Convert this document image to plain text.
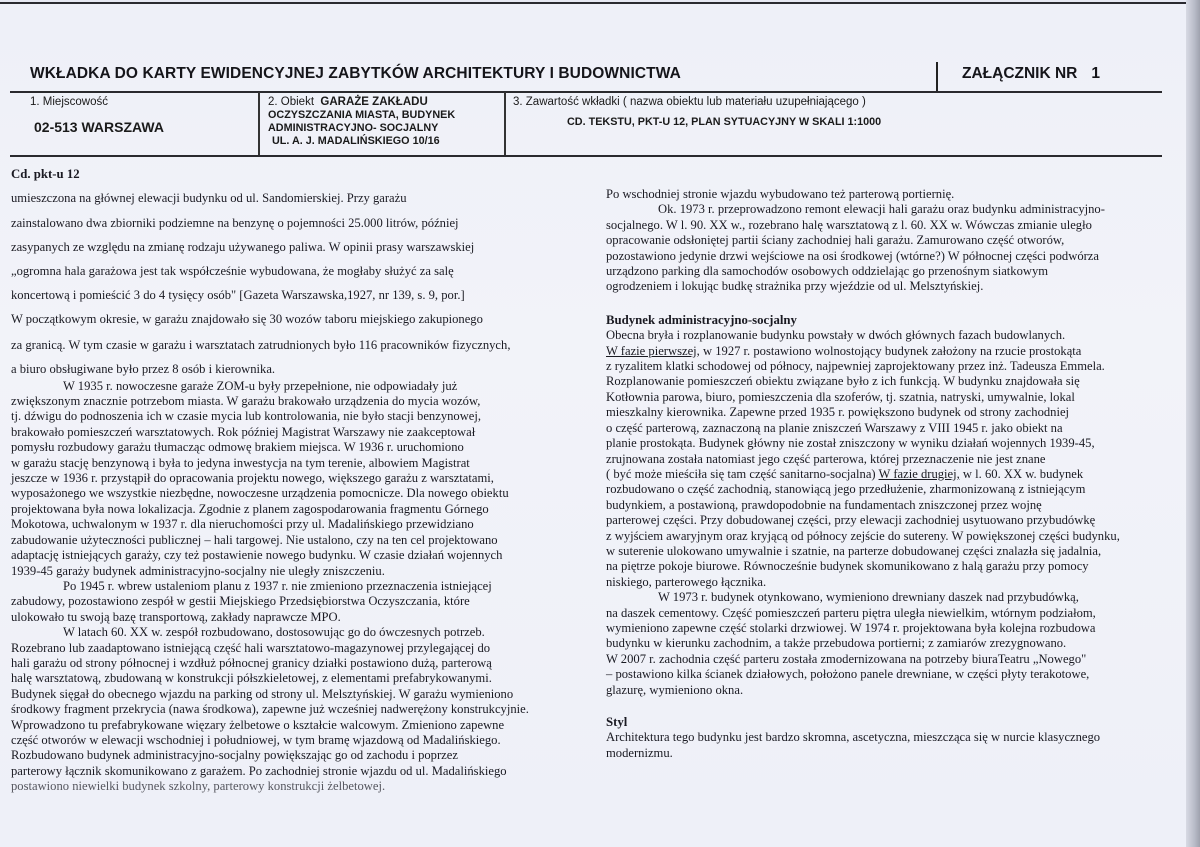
WKŁADKA DO KARTY EWIDENCYJNEJ ZABYTKÓW ARCHITEKTURY I BUDOWNICTWA	ZAŁĄCZNIK NR 1
1. Miejscowość
02-513 WARSZAWA
2. Obiekt GARAŻE ZAKŁADU
OCZYSZCZANIA MIASTA, BUDYNEK
ADMINISTRACYJNO- SOCJALNY
UL. A. J. MADALIŃSKIEGO 10/16
3. Zawartość wkładki ( nazwa obiektu lub materiału uzupełniającego )
CD. TEKSTU, PKT-U 12, PLAN SYTUACYJNY W SKALI 1:1000

Cd. pkt-u 12

umieszczona na głównej elewacji budynku od ul. Sandomierskiej. Przy garażu

zainstalowano dwa zbiorniki podziemne na benzynę o pojemności 25.000 litrów, później

zasypanych ze względu na zmianę rodzaju używanego paliwa. W opinii prasy warszawskiej

„ogromna hala garażowa jest tak współcześnie wybudowana, że mogłaby służyć za salę

koncertową i pomieścić 3 do 4 tysięcy osób" [Gazeta Warszawska,1927, nr 139, s. 9, por.]

W początkowym okresie, w garażu znajdowało się 30 wozów taboru miejskiego zakupionego

za granicą. W tym czasie w garażu i warsztatach zatrudnionych było 116 pracowników fizycznych,

a biuro obsługiwane było przez 8 osób i kierownika.

W 1935 r. nowoczesne garaże ZOM-u były przepełnione, nie odpowiadały już

zwiększonym znacznie potrzebom miasta. W garażu brakowało urządzenia do mycia wozów,

tj. dźwigu do podnoszenia ich w czasie mycia lub kontrolowania, nie było stacji benzynowej,

brakowało pomieszczeń warsztatowych. Rok później Magistrat Warszawy nie zaakceptował

pomysłu rozbudowy garażu tłumacząc odmowę brakiem miejsca. W 1936 r. uruchomiono

w garażu stację benzynową i była to jedyna inwestycja na tym terenie, albowiem Magistrat

jeszcze w 1936 r. przystąpił do opracowania projektu nowego, większego garażu z warsztatami,

wyposażonego we wszystkie niezbędne, nowoczesne urządzenia pomocnicze. Dla nowego obiektu

projektowana była nowa lokalizacja. Zgodnie z planem zagospodarowania fragmentu Górnego

Mokotowa, uchwalonym w 1937 r. dla nieruchomości przy ul. Madalińskiego przewidziano

zabudowanie użyteczności publicznej – hali targowej. Nie ustalono, czy na ten cel projektowano

adaptację istniejących garaży, czy też postawienie nowego budynku. W czasie działań wojennych

1939-45 garaży budynek administracyjno-socjalny nie uległy zniszczeniu.

Po 1945 r. wbrew ustaleniom planu z 1937 r. nie zmieniono przeznaczenia istniejącej

zabudowy, pozostawiono zespół w gestii Miejskiego Przedsiębiorstwa Oczyszczania, które

ulokowało tu swoją bazę transportową, zakłady naprawcze MPO.

W latach 60. XX w. zespół rozbudowano, dostosowując go do ówczesnych potrzeb.

Rozebrano lub zaadaptowano istniejącą część hali warsztatowo-magazynowej przylegającej do

hali garażu od strony północnej i wzdłuż północnej granicy działki postawiono dużą, parterową

halę warsztatową, zbudowaną w konstrukcji półszkieletowej, z elementami prefabrykowanymi.

Budynek sięgał do obecnego wjazdu na parking od strony ul. Melsztyńskiej. W garażu wymieniono

środkowy fragment przekrycia (nawa środkowa), zapewne już wcześniej nadwerężony konstrukcyjnie.

Wprowadzono tu prefabrykowane więzary żelbetowe o kształcie walcowym. Zmieniono zapewne

część otworów w elewacji wschodniej i południowej, w tym bramę wjazdową od Madalińskiego.

Rozbudowano budynek administracyjno-socjalny powiększając go od zachodu i poprzez

parterowy łącznik skomunikowano z garażem. Po zachodniej stronie wjazdu od ul. Madalińskiego

postawiono niewielki budynek szkolny, parterowy konstrukcji żelbetowej.

Po wschodniej stronie wjazdu wybudowano też parterową portiernię.

Ok. 1973 r. przeprowadzono remont elewacji hali garażu oraz budynku administracyjno-

socjalnego. W l. 90. XX w., rozebrano halę warsztatową z l. 60. XX w. Wówczas zmianie uległo

opracowanie odsłoniętej partii ściany zachodniej hali garażu. Zamurowano część otworów,

pozostawiono jedynie drzwi wejściowe na osi środkowej (wtórne?) W północnej części podwórza

urządzono parking dla samochodów osobowych oddzielając go przenośnym siatkowym

ogrodzeniem i lokując budkę strażnika przy wjeździe od ul. Melsztyńskiej.

Budynek administracyjno-socjalny

Obecna bryła i rozplanowanie budynku powstały w dwóch głównych fazach budowlanych.

W fazie pierwszej, w 1927 r. postawiono wolnostojący budynek założony na rzucie prostokąta

z ryzalitem klatki schodowej od północy, najpewniej zaprojektowany przez inż. Tadeusza Emmela.

Rozplanowanie pomieszczeń obiektu związane było z ich funkcją. W budynku znajdowała się

Kotłownia parowa, biuro, pomieszczenia dla szoferów, tj. szatnia, natryski, umywalnie, lokal

mieszkalny kierownika. Zapewne przed 1935 r. powiększono budynek od strony zachodniej

o część parterową, zaznaczoną na planie zniszczeń Warszawy z VIII 1945 r. jako obiekt na

planie prostokąta. Budynek główny nie został zniszczony w wyniku działań wojennych 1939-45,

zrujnowana została natomiast jego część parterowa, której przeznaczenie nie jest znane

( być może mieściła się tam część sanitarno-socjalna) W fazie drugiej, w l. 60. XX w. budynek

rozbudowano o część zachodnią, stanowiącą jego przedłużenie, zharmonizowaną z istniejącym

budynkiem, a postawioną, prawdopodobnie na fundamentach zniszczonej przez wojnę

parterowej części. Przy dobudowanej części, przy elewacji zachodniej usytuowano przybudówkę

z wyjściem awaryjnym oraz kryjącą od północy zejście do sutereny. W powiększonej części budynku,

w suterenie ulokowano umywalnie i szatnie, na parterze dobudowanej części znalazła się jadalnia,

na piętrze pokoje biurowe. Równocześnie budynek skomunikowano z halą garażu przy pomocy

niskiego, parterowego łącznika.

W 1973 r. budynek otynkowano, wymieniono drewniany daszek nad przybudówką,

na daszek cementowy. Część pomieszczeń parteru piętra uległa niewielkim, wtórnym podziałom,

wymieniono zapewne część stolarki drzwiowej. W 1974 r. projektowana była kolejna rozbudowa

budynku w kierunku zachodnim, a także przebudowa portierni; z zamiarów zrezygnowano.

W 2007 r. zachodnia część parteru została zmodernizowana na potrzeby biuraTeatru „Nowego"

– postawiono kilka ścianek działowych, położono panele drewniane, w części płyty terakotowe,

glazurę, wymieniono okna.

Styl

Architektura tego budynku jest bardzo skromna, ascetyczna, mieszcząca się w nurcie klasycznego

modernizmu.
